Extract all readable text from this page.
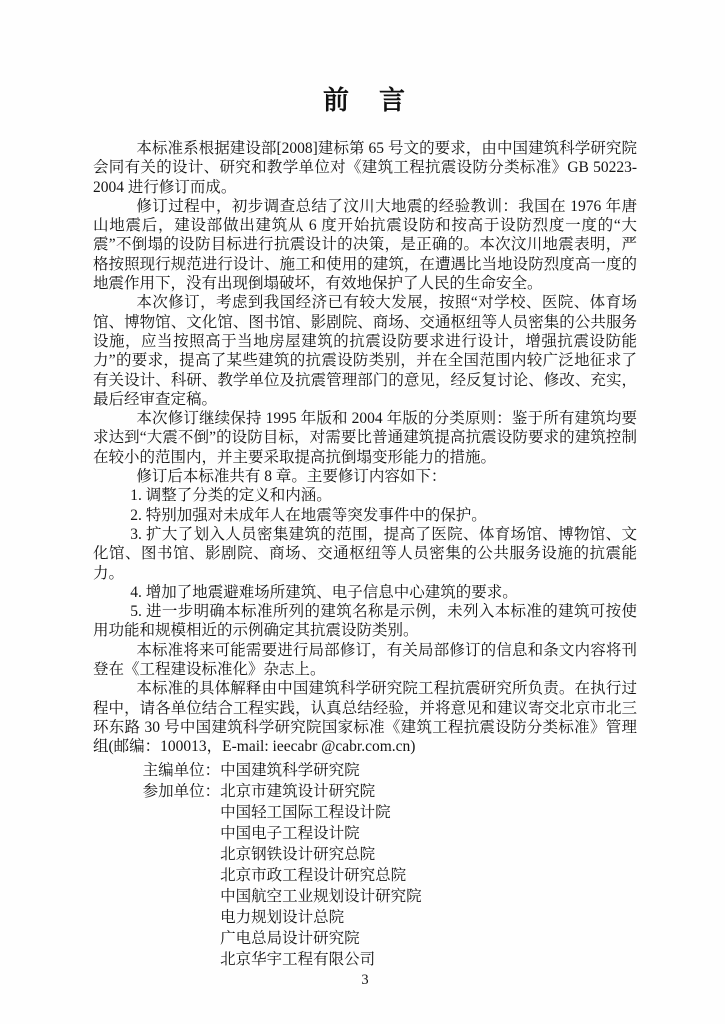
前　言

本标准系根据建设部[2008]建标第 65 号文的要求，由中国建筑科学研究院会同有关的设计、研究和教学单位对《建筑工程抗震设防分类标准》GB 50223-2004 进行修订而成。

修订过程中，初步调查总结了汶川大地震的经验教训：我国在 1976 年唐山地震后，建设部做出建筑从 6 度开始抗震设防和按高于设防烈度一度的“大震”不倒塌的设防目标进行抗震设计的决策，是正确的。本次汶川地震表明，严格按照现行规范进行设计、施工和使用的建筑，在遭遇比当地设防烈度高一度的地震作用下，没有出现倒塌破坏，有效地保护了人民的生命安全。

本次修订，考虑到我国经济已有较大发展，按照“对学校、医院、体育场馆、博物馆、文化馆、图书馆、影剧院、商场、交通枢纽等人员密集的公共服务设施，应当按照高于当地房屋建筑的抗震设防要求进行设计，增强抗震设防能力”的要求，提高了某些建筑的抗震设防类别，并在全国范围内较广泛地征求了有关设计、科研、教学单位及抗震管理部门的意见，经反复讨论、修改、充实，最后经审查定稿。

本次修订继续保持 1995 年版和 2004 年版的分类原则：鉴于所有建筑均要求达到“大震不倒”的设防目标，对需要比普通建筑提高抗震设防要求的建筑控制在较小的范围内，并主要采取提高抗倒塌变形能力的措施。

修订后本标准共有 8 章。主要修订内容如下：

1. 调整了分类的定义和内涵。

2. 特别加强对未成年人在地震等突发事件中的保护。

3. 扩大了划入人员密集建筑的范围，提高了医院、体育场馆、博物馆、文化馆、图书馆、影剧院、商场、交通枢纽等人员密集的公共服务设施的抗震能力。

4. 增加了地震避难场所建筑、电子信息中心建筑的要求。

5. 进一步明确本标准所列的建筑名称是示例，未列入本标准的建筑可按使用功能和规模相近的示例确定其抗震设防类别。

本标准将来可能需要进行局部修订，有关局部修订的信息和条文内容将刊登在《工程建设标准化》杂志上。

本标准的具体解释由中国建筑科学研究院工程抗震研究所负责。在执行过程中，请各单位结合工程实践，认真总结经验，并将意见和建议寄交北京市北三环东路 30 号中国建筑科学研究院国家标准《建筑工程抗震设防分类标准》管理组(邮编：100013，E-mail: ieecabr @cabr.com.cn)

主编单位：中国建筑科学研究院
参加单位：北京市建筑设计研究院
中国轻工国际工程设计院
中国电子工程设计院
北京钢铁设计研究总院
北京市政工程设计研究总院
中国航空工业规划设计研究院
电力规划设计总院
广电总局设计研究院
北京华宇工程有限公司
3
